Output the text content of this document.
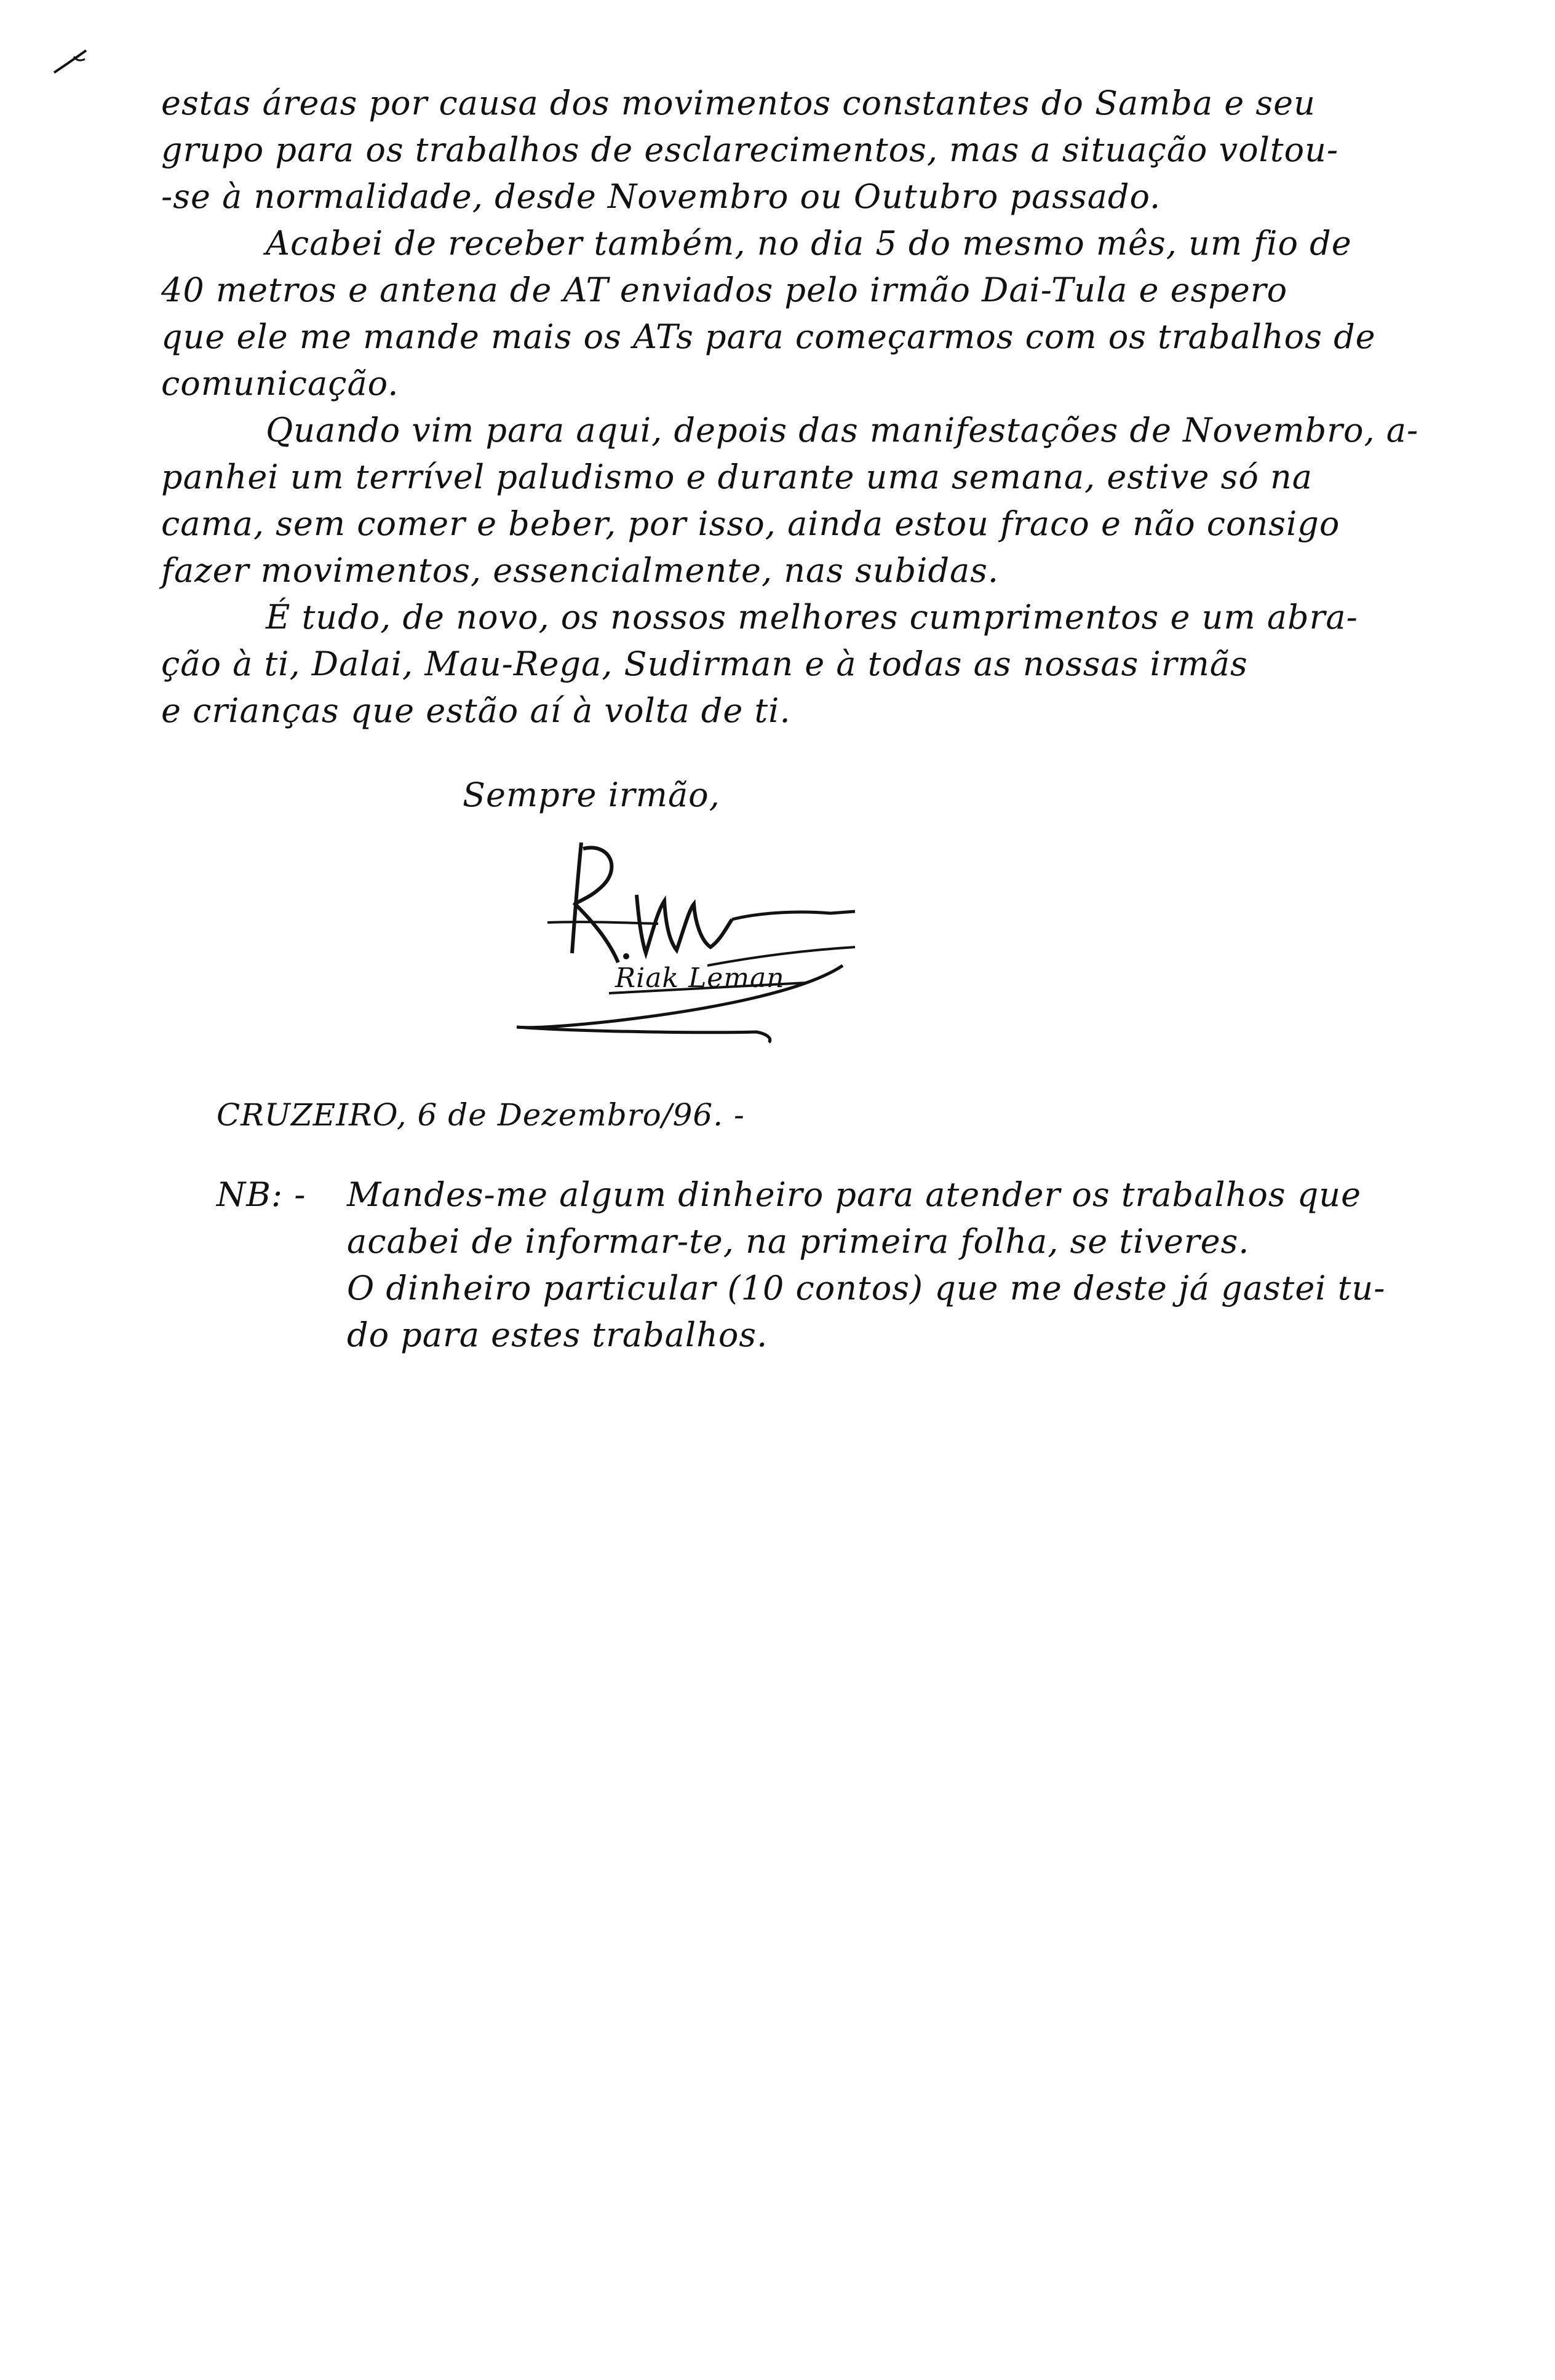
estas áreas por causa dos movimentos constantes do Samba e seu
grupo para os trabalhos de esclarecimentos, mas a situação voltou-
-se à normalidade, desde Novembro ou Outubro passado.
Acabei de receber também, no dia 5 do mesmo mês, um fio de
40 metros e antena de AT enviados pelo irmão Dai-Tula e espero
que ele me mande mais os ATs para começarmos com os trabalhos de
comunicação.
Quando vim para aqui, depois das manifestações de Novembro, a-
panhei um terrível paludismo e durante uma semana, estive só na
cama, sem comer e beber, por isso, ainda estou fraco e não consigo
fazer movimentos, essencialmente, nas subidas.
É tudo, de novo, os nossos melhores cumprimentos e um abra-
ção à ti, Dalai, Mau-Rega, Sudirman e à todas as nossas irmãs
e crianças que estão aí à volta de ti.
Sempre irmão,
Riak Leman
CRUZEIRO, 6 de Dezembro/96. -
NB: - Mandes-me algum dinheiro para atender os trabalhos que
acabei de informar-te, na primeira folha, se tiveres.
O dinheiro particular (10 contos) que me deste já gastei tu-
do para estes trabalhos.
